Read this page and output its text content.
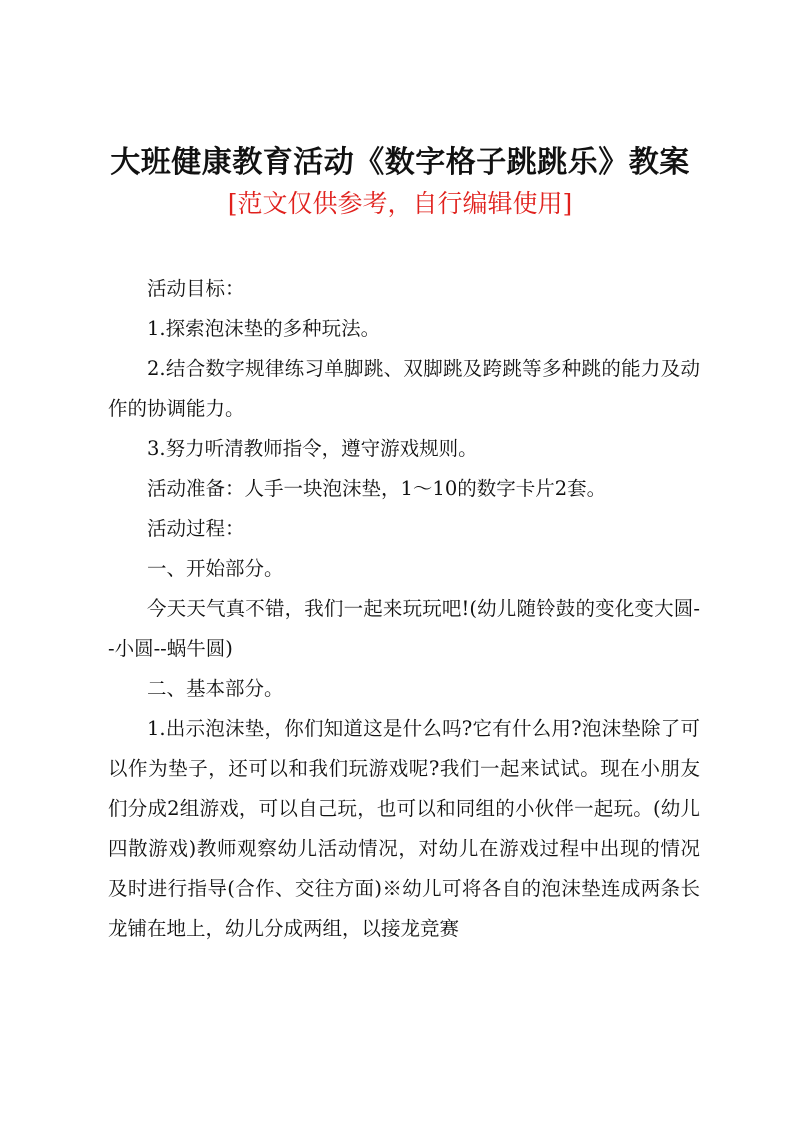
大班健康教育活动《数字格子跳跳乐》教案
[范文仅供参考，自行编辑使用]

活动目标：

1.探索泡沫垫的多种玩法。

2.结合数字规律练习单脚跳、双脚跳及跨跳等多种跳的能力及动作的协调能力。

3.努力听清教师指令，遵守游戏规则。

活动准备：人手一块泡沫垫，1～10的数字卡片2套。

活动过程：

一、开始部分。

今天天气真不错，我们一起来玩玩吧!(幼儿随铃鼓的变化变大圆--小圆--蜗牛圆)

二、基本部分。

1.出示泡沫垫，你们知道这是什么吗?它有什么用?泡沫垫除了可以作为垫子，还可以和我们玩游戏呢?我们一起来试试。现在小朋友们分成2组游戏，可以自己玩，也可以和同组的小伙伴一起玩。(幼儿四散游戏)教师观察幼儿活动情况，对幼儿在游戏过程中出现的情况及时进行指导(合作、交往方面)※幼儿可将各自的泡沫垫连成两条长龙铺在地上，幼儿分成两组，以接龙竞赛
